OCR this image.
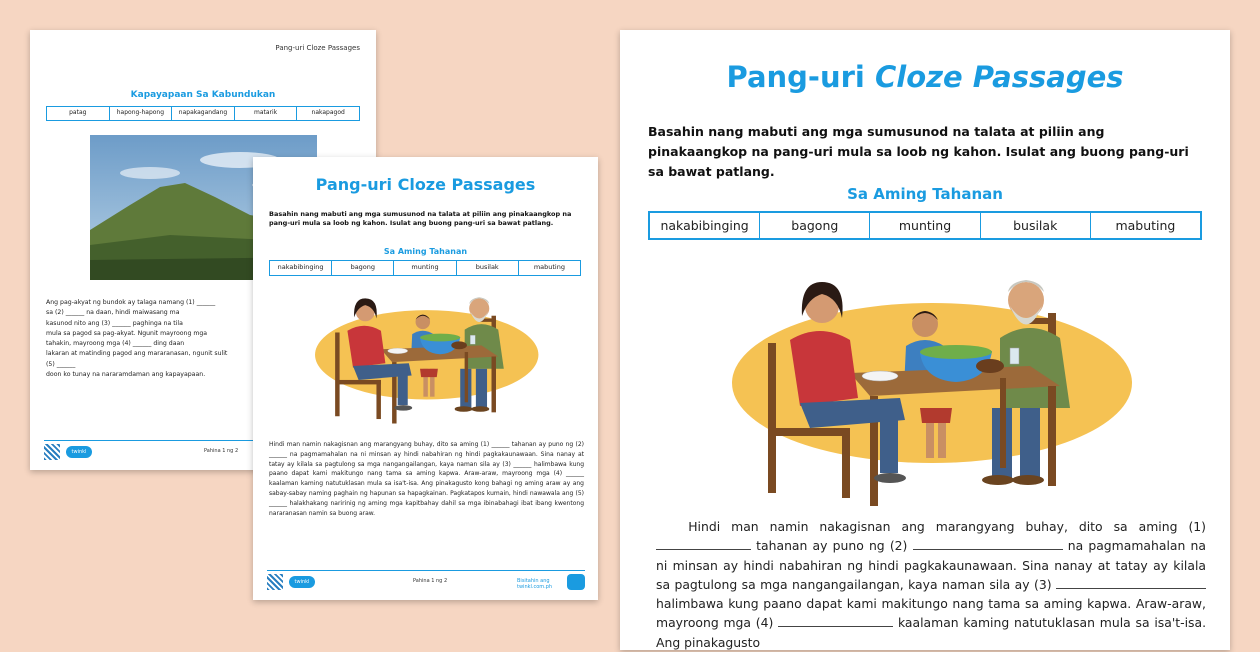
Pang-uri Cloze Passages
Kapayapaan Sa Kabundukan
patag	hapong-hapong	napakagandang	matarik	nakapagod
Ang pag-akyat ng bundok ay talaga namang (1) ______
sa (2) ______ na daan, hindi maiwasang ma
kasunod nito ang (3) ______ paghinga na tila
mula sa pagod sa pag-akyat. Ngunit mayroong mga
tahakin, mayroong mga (4) ______ ding daan
lakaran at matinding pagod ang mararanasan, ngunit sulit
(5) ______
doon ko tunay na nararamdaman ang kapayapaan.
twinkl	Pahina 1 ng 2
Pang-uri Cloze Passages
Basahin nang mabuti ang mga sumusunod na talata at piliin ang pinakaangkop na pang-uri mula sa loob ng kahon. Isulat ang buong pang-uri sa bawat patlang.
Sa Aming Tahanan
nakabibinging	bagong	munting	busilak	mabuting
Hindi man namin nakagisnan ang marangyang buhay, dito sa aming (1) ______ tahanan ay puno ng (2) ______ na pagmamahalan na ni minsan ay hindi nabahiran ng hindi pagkakaunawaan. Sina nanay at tatay ay kilala sa pagtulong sa mga nangangailangan, kaya naman sila ay (3) ______ halimbawa kung paano dapat kami makitungo nang tama sa aming kapwa. Araw-araw, mayroong mga (4) ______ kaalaman kaming natutuklasan mula sa isa't-isa. Ang pinakagusto kong bahagi ng aming araw ay ang sabay-sabay naming paghain ng hapunan sa hapagkainan. Pagkatapos kumain, hindi nawawala ang (5) ______ halakhakang naririnig ng aming mga kapitbahay dahil sa mga ibinabahagi ibat ibang kwentong nararanasan namin sa buong araw.
twinkl	Pahina 1 ng 2	Bisitahin ang twinkl.com.ph
Pang-uri Cloze Passages
Basahin nang mabuti ang mga sumusunod na talata at piliin ang pinakaangkop na pang-uri mula sa loob ng kahon. Isulat ang buong pang-uri sa bawat patlang.
Sa Aming Tahanan
nakabibinging	bagong	munting	busilak	mabuting
Hindi man namin nakagisnan ang marangyang buhay, dito sa aming (1)  tahanan ay puno ng (2)	na pagmamahalan na ni minsan ay hindi nabahiran ng hindi pagkakaunawaan. Sina nanay at tatay ay kilala sa pagtulong sa mga nangangailangan, kaya naman sila ay (3)  halimbawa kung paano dapat kami makitungo nang tama sa aming kapwa. Araw-araw, mayroong mga (4)	kaalaman kaming natutuklasan mula sa isa't-isa. Ang pinakagusto
